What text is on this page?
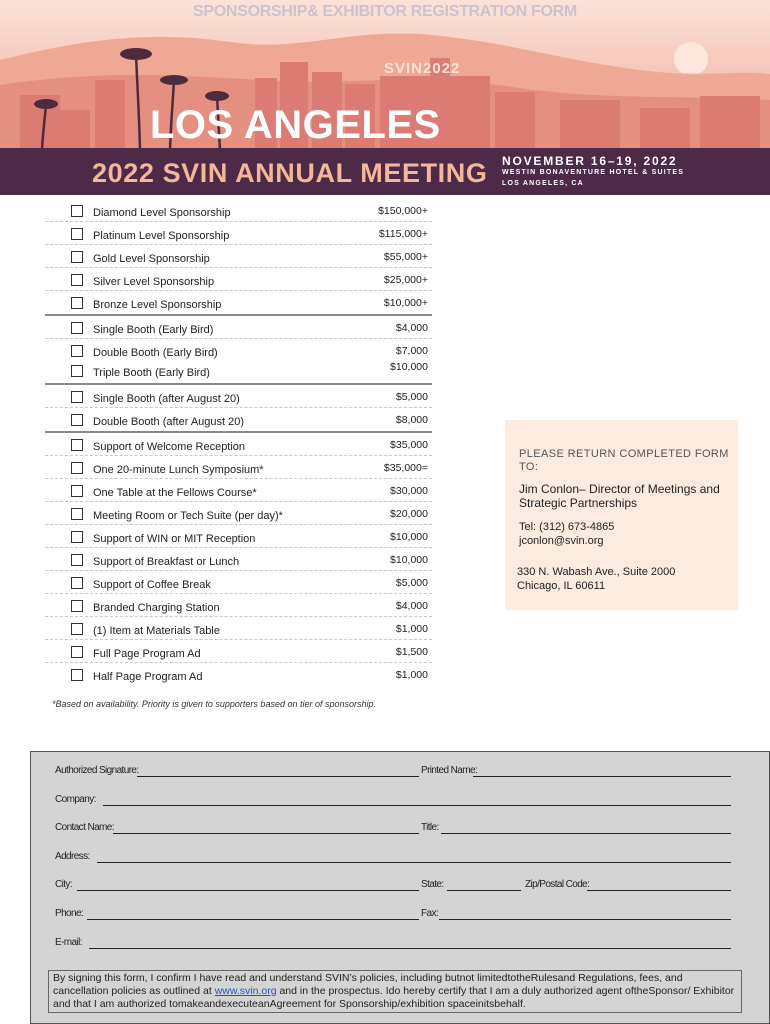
SPONSORSHIP& EXHIBITOR REGISTRATION FORM
SVIN2022
LOS ANGELES
2022 SVIN ANNUAL MEETING NOVEMBER 16–19, 2022
WESTIN BONAVENTURE HOTEL & SUITES
LOS ANGELES, CA
Diamond Level Sponsorship	$150,000+
Platinum Level Sponsorship	$115,000+
Gold Level Sponsorship	$55,000+
Silver Level Sponsorship	$25,000+
Bronze Level Sponsorship	$10,000+
Single Booth (Early Bird)	$4,000
Double Booth (Early Bird)	$7,000
Triple Booth (Early Bird)	$10,000
Single Booth (after August 20)	$5,000
Double Booth (after August 20)	$8,000
Support of Welcome Reception	$35,000
One 20-minute Lunch Symposium*	$35,000=
One Table at the Fellows Course*	$30,000
Meeting Room or Tech Suite (per day)*	$20,000
Support of WIN or MIT Reception	$10,000
Support of Breakfast or Lunch	$10,000
Support of Coffee Break	$5,000
Branded Charging Station	$4,000
(1) Item at Materials Table	$1,000
Full Page Program Ad	$1,500
Half Page Program Ad	$1,000
*Based on availability. Priority is given to supporters based on tier of sponsorship.
PLEASE RETURN COMPLETED FORM TO:
Jim Conlon– Director of Meetings and Strategic Partnerships
Tel: (312) 673-4865
jconlon@svin.org
330 N. Wabash Ave., Suite 2000
Chicago, IL 60611
Authorized Signature:	Printed Name:
Company:
Contact Name:	Title:
Address:
City:	State:	Zip/Postal Code:
Phone:	Fax:
E-mail:
By signing this form, I confirm I have read and understand SVIN’s policies, including butnot limitedtotheRulesand Regulations, fees, and cancellation policies as outlined at www.svin.org and in the prospectus. Ido hereby certify that I am a duly authorized agent oftheSponsor/ Exhibitor and that I am authorized tomakeandexecuteanAgreement for Sponsorship/exhibition spaceinitsbehalf.
